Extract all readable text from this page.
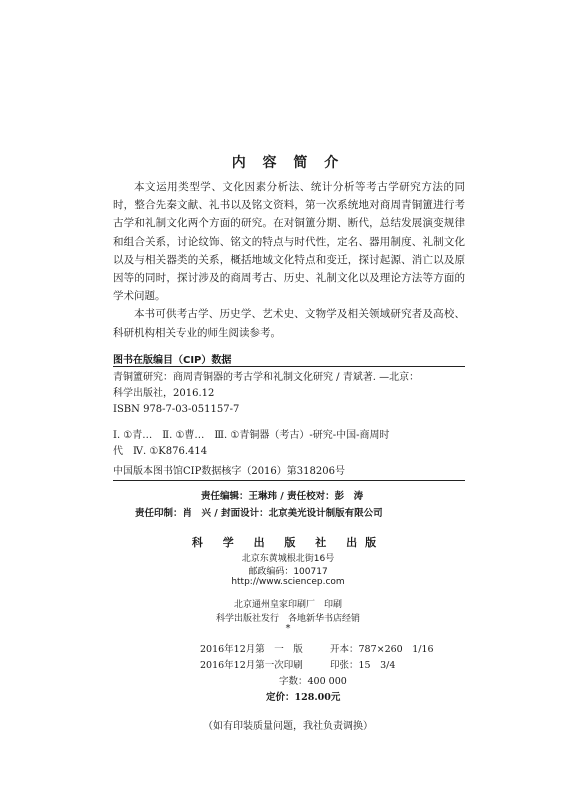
内 容 简 介

本文运用类型学、文化因素分析法、统计分析等考古学研究方法的同时，整合先秦文献、礼书以及铭文资料，第一次系统地对商周青铜簠进行考古学和礼制文化两个方面的研究。在对铜簠分期、断代，总结发展演变规律和组合关系，讨论纹饰、铭文的特点与时代性，定名、器用制度、礼制文化以及与相关器类的关系，概括地域文化特点和变迁，探讨起源、消亡以及原因等的同时，探讨涉及的商周考古、历史、礼制文化以及理论方法等方面的学术问题。

本书可供考古学、历史学、艺术史、文物学及相关领域研究者及高校、科研机构相关专业的师生阅读参考。

图书在版编目（CIP）数据
青铜簠研究：商周青铜器的考古学和礼制文化研究 / 青斌著. —北京：
科学出版社，2016.12
ISBN 978-7-03-051157-7
Ⅰ. ①青…　Ⅱ. ①曹…　Ⅲ. ①青铜器（考古）-研究-中国-商周时
代　Ⅳ. ①K876.414
中国版本图书馆CIP数据核字（2016）第318206号
责任编辑：王琳玮 / 责任校对：彭　涛
责任印制：肖　兴 / 封面设计：北京美光设计制版有限公司
科 学 出 版 社 出版
北京东黄城根北街16号
邮政编码：100717
http://www.sciencep.com
北京通州皇家印刷厂　印刷
科学出版社发行　各地新华书店经销
*
2016年12月第　一　版	开本：787×260　1/16
2016年12月第一次印刷	印张：15　3/4
字数：400 000
定价：128.00元
（如有印装质量问题，我社负责调换）
